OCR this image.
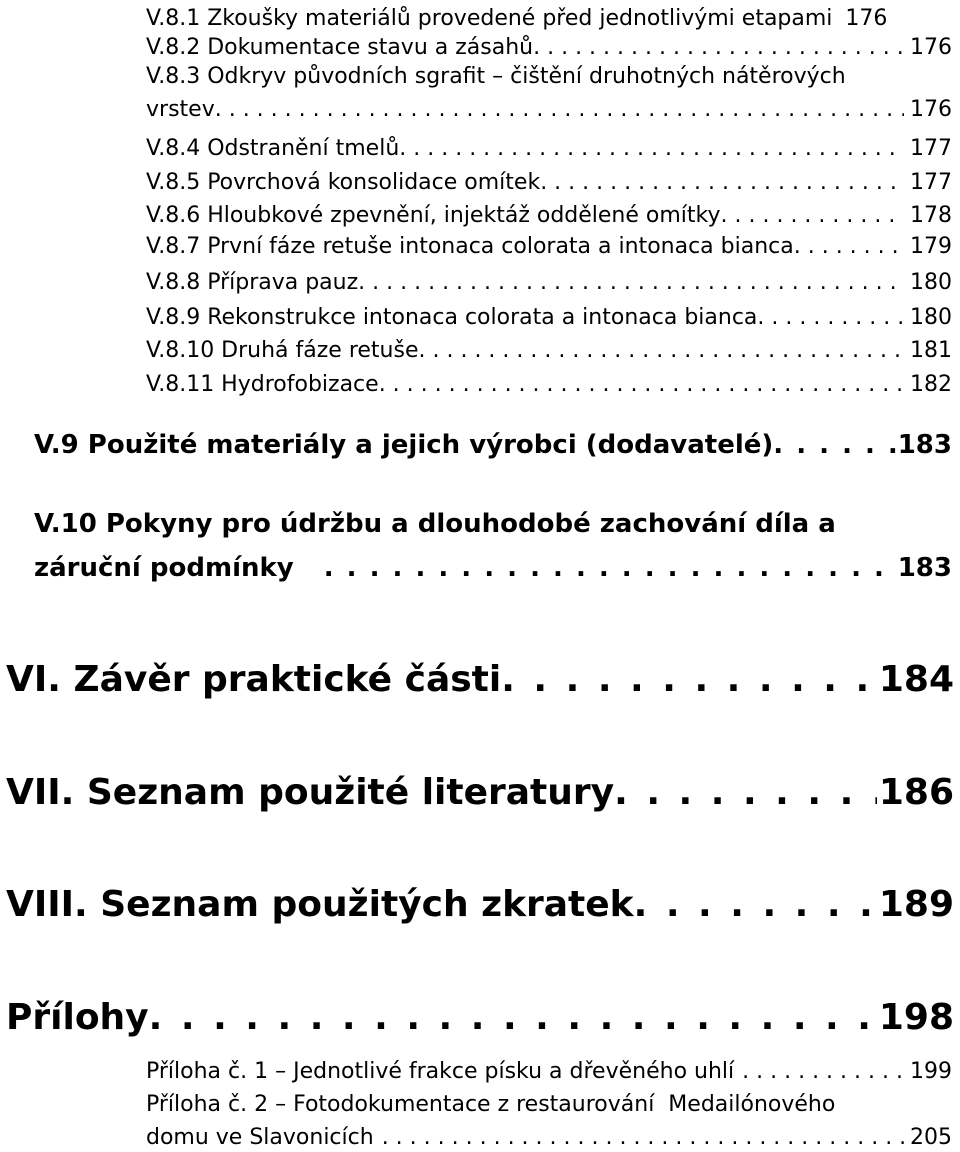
V.8.1 Zkoušky materiálů provedené před jednotlivými etapami 176
V.8.2 Dokumentace stavu a zásahů . . .	176
V.8.3 Odkryv původních sgrafit – čištění druhotných nátěrových
vrstev . . .	176
V.8.4 Odstranění tmelů . . .	177
V.8.5 Povrchová konsolidace omítek . . .	177
V.8.6 Hloubkové zpevnění, injektáž oddělené omítky . . .	178
V.8.7 První fáze retuše intonaca colorata a intonaca bianca . . .	179
V.8.8 Příprava pauz . . .	180
V.8.9 Rekonstrukce intonaca colorata a intonaca bianca . . .	180
V.8.10 Druhá fáze retuše . . .	181
V.8.11 Hydrofobizace . . .	182
V.9 Použité materiály a jejich výrobci (dodavatelé) . . .	183
V.10 Pokyny pro údržbu a dlouhodobé zachování díla a
záruční podmínky . . .	183
VI. Závěr praktické části . . .	184
VII. Seznam použité literatury . . .	186
VIII. Seznam použitých zkratek . . .	189
Přílohy . . .	198
Příloha č. 1 – Jednotlivé frakce písku a dřevěného uhlí . . .	199
Příloha č. 2 – Fotodokumentace z restaurování  Medailónového
domu ve Slavonicích . . .	205
